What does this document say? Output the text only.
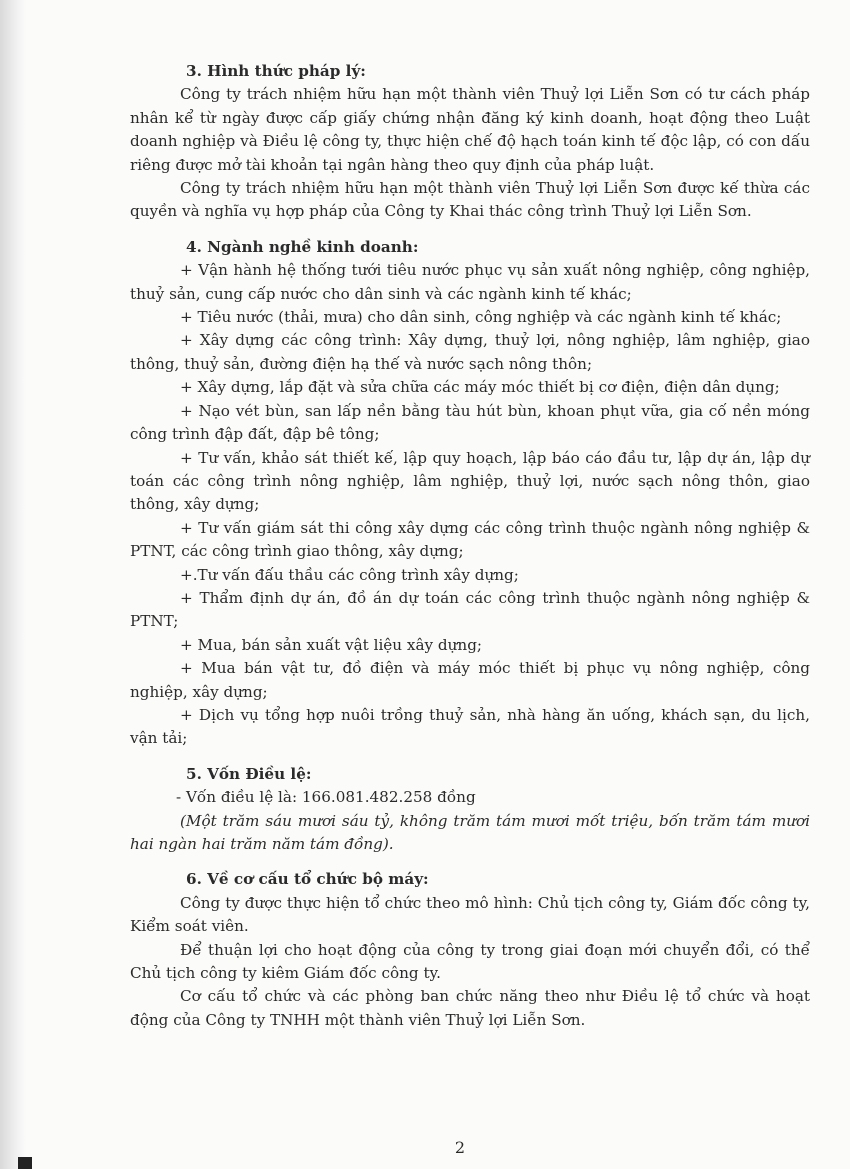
3. Hình thức pháp lý:

Công ty trách nhiệm hữu hạn một thành viên Thuỷ lợi Liễn Sơn có tư cách pháp nhân kể từ ngày được cấp giấy chứng nhận đăng ký kinh doanh, hoạt động theo Luật doanh nghiệp và Điều lệ công ty, thực hiện chế độ hạch toán kinh tế độc lập, có con dấu riêng được mở tài khoản tại ngân hàng theo quy định của pháp luật.

Công ty trách nhiệm hữu hạn một thành viên Thuỷ lợi Liễn Sơn được kế thừa các quyền và nghĩa vụ hợp pháp của Công ty Khai thác công trình Thuỷ lợi Liễn Sơn.

4. Ngành nghề kinh doanh:

+ Vận hành hệ thống tưới tiêu nước phục vụ sản xuất nông nghiệp, công nghiệp, thuỷ sản, cung cấp nước cho dân sinh và các ngành kinh tế khác;

+ Tiêu nước (thải, mưa) cho dân sinh, công nghiệp và các ngành kinh tế khác;

+ Xây dựng các công trình: Xây dựng, thuỷ lợi, nông nghiệp, lâm nghiệp, giao thông, thuỷ sản, đường điện hạ thế và nước sạch nông thôn;

+ Xây dựng, lắp đặt và sửa chữa các máy móc thiết bị cơ điện, điện dân dụng;

+ Nạo vét bùn, san lấp nền bằng tàu hút bùn, khoan phụt vữa, gia cố nền móng công trình đập đất, đập bê tông;

+ Tư vấn, khảo sát thiết kế, lập quy hoạch, lập báo cáo đầu tư, lập dự án, lập dự toán các công trình nông nghiệp, lâm nghiệp, thuỷ lợi, nước sạch nông thôn, giao thông, xây dựng;

+ Tư vấn giám sát thi công xây dựng các công trình thuộc ngành nông nghiệp & PTNT, các công trình giao thông, xây dựng;

+.Tư vấn đấu thầu các công trình xây dựng;

+ Thẩm định dự án, đồ án dự toán các công trình thuộc ngành nông nghiệp & PTNT;

+ Mua, bán sản xuất vật liệu xây dựng;

+ Mua bán vật tư, đồ điện và máy móc thiết bị phục vụ nông nghiệp, công nghiệp, xây dựng;

+ Dịch vụ tổng hợp nuôi trồng thuỷ sản, nhà hàng ăn uống, khách sạn, du lịch, vận tải;

5. Vốn Điều lệ:

- Vốn điều lệ là: 166.081.482.258 đồng

(Một trăm sáu mươi sáu tỷ, không trăm tám mươi mốt triệu, bốn trăm tám mươi hai ngàn hai trăm năm tám đồng).

6. Về cơ cấu tổ chức bộ máy:

Công ty được thực hiện tổ chức theo mô hình: Chủ tịch công ty, Giám đốc công ty, Kiểm soát viên.

Để thuận lợi cho hoạt động của công ty trong giai đoạn mới chuyển đổi, có thể Chủ tịch công ty kiêm Giám đốc công ty.

Cơ cấu tổ chức và các phòng ban chức năng theo như Điều lệ tổ chức và hoạt động của Công ty TNHH một thành viên Thuỷ lợi Liễn Sơn.

2
